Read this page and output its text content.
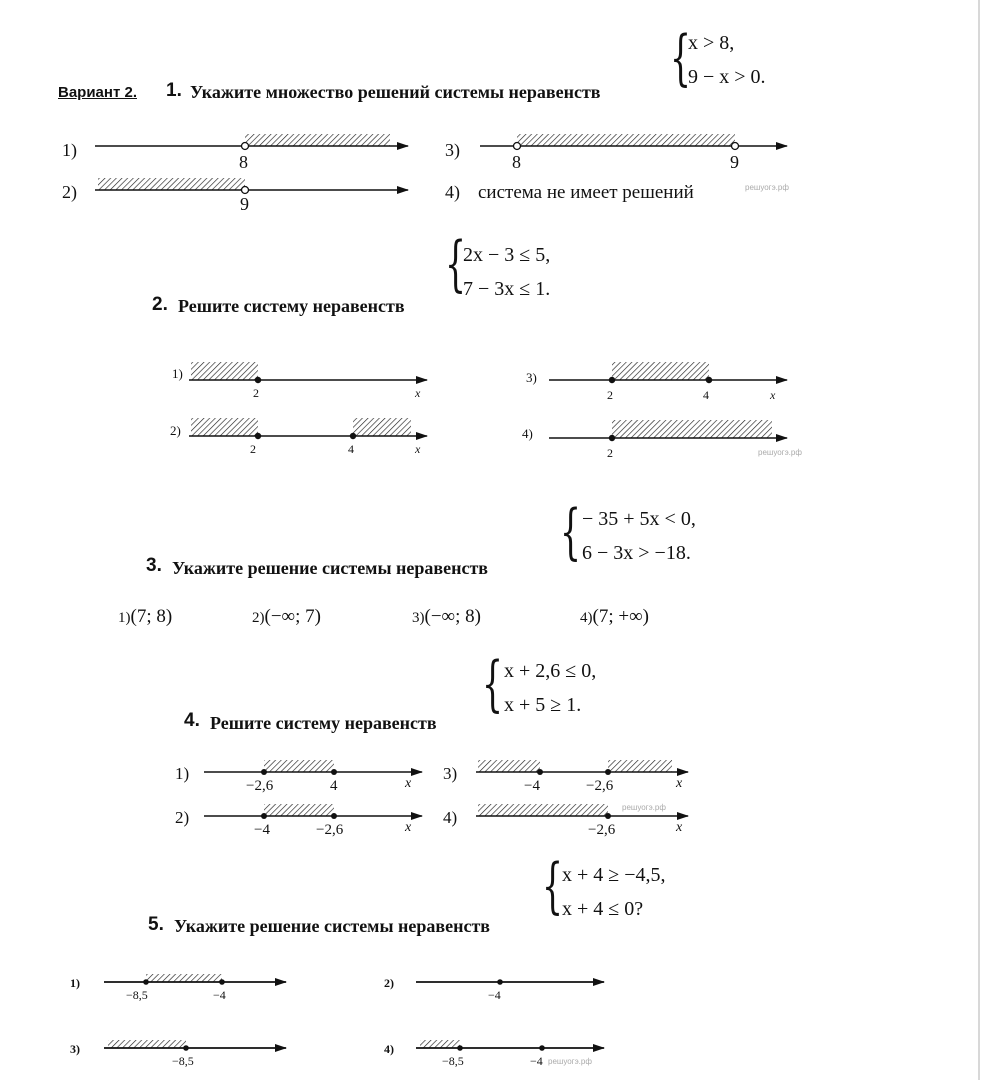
Вариант 2. 1. Укажите множество решений системы неравенств {
x > 8,
9 − x > 0.
1)
8
2)
9
3)
8	9
4) система не имеет решений	решуогэ.рф
{
2x − 3 ≤ 5,
7 − 3x ≤ 1.
2. Решите систему неравенств
1)
2	x
2)
2	4	x
3)
2	4	x
4)
2	решуогэ.рф
{ − 35 + 5x < 0,
6 − 3x > −18.
3. Укажите решение системы неравенств
1)(7; 8)	2)(−∞; 7)	3)(−∞; 8)	4)(7; +∞)
{ x + 2,6 ≤ 0,
x + 5 ≥ 1.
4. Решите систему неравенств
1)
−2,6	4	x
2)
−4	−2,6	x
3)
−4	−2,6	x
4)
−2,6	x
решуогэ.рф
{
x + 4 ≥ −4,5,
x + 4 ≤ 0?
5. Укажите решение системы неравенств
1)
−8,5	−4
2)
−4
3)
−8,5
4)
−8,5	−4 решуогэ.рф
